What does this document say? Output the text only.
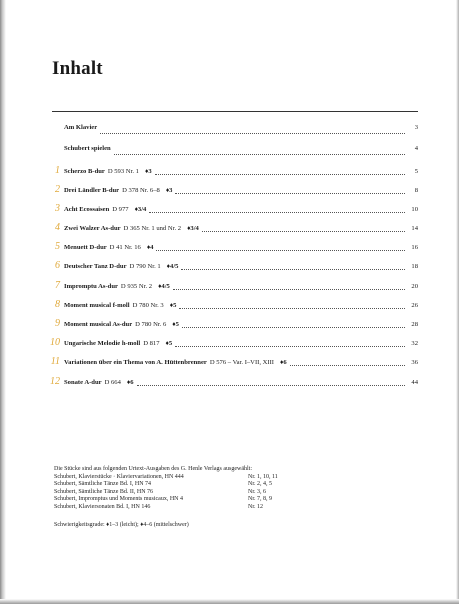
Inhalt
Am Klavier	3
Schubert spielen	4
1 Scherzo B-dur D 593 Nr. 1 ♦3	5
2 Drei Ländler B-dur D 378 Nr. 6–8 ♦3	8
3 Acht Ecossaisen D 977 ♦3/4	10
4 Zwei Walzer As-dur D 365 Nr. 1 und Nr. 2 ♦3/4	14
5 Menuett D-dur D 41 Nr. 16 ♦4	16
6 Deutscher Tanz D-dur D 790 Nr. 1 ♦4/5	18
7 Impromptu As-dur D 935 Nr. 2 ♦4/5	20
8 Moment musical f-moll D 780 Nr. 3 ♦5	26
9 Moment musical As-dur D 780 Nr. 6 ♦5	28
10 Ungarische Melodie h-moll D 817 ♦5	32
11 Variationen über ein Thema von A. Hüttenbrenner D 576 – Var. I–VII, XIII ♦6	36
12 Sonate A-dur D 664 ♦6	44
Die Stücke sind aus folgenden Urtext-Ausgaben des G. Henle Verlags ausgewählt:
Schubert, Klavierstücke · Klaviervariationen, HN 444	Nr. 1, 10, 11
Schubert, Sämtliche Tänze Bd. I, HN 74	Nr. 2, 4, 5
Schubert, Sämtliche Tänze Bd. II, HN 76	Nr. 3, 6
Schubert, Impromptus und Moments musicaux, HN 4	Nr. 7, 8, 9
Schubert, Klaviersonaten Bd. I, HN 146	Nr. 12
Schwierigkeitsgrade: ♦1–3 (leicht); ♦4–6 (mittelschwer)
